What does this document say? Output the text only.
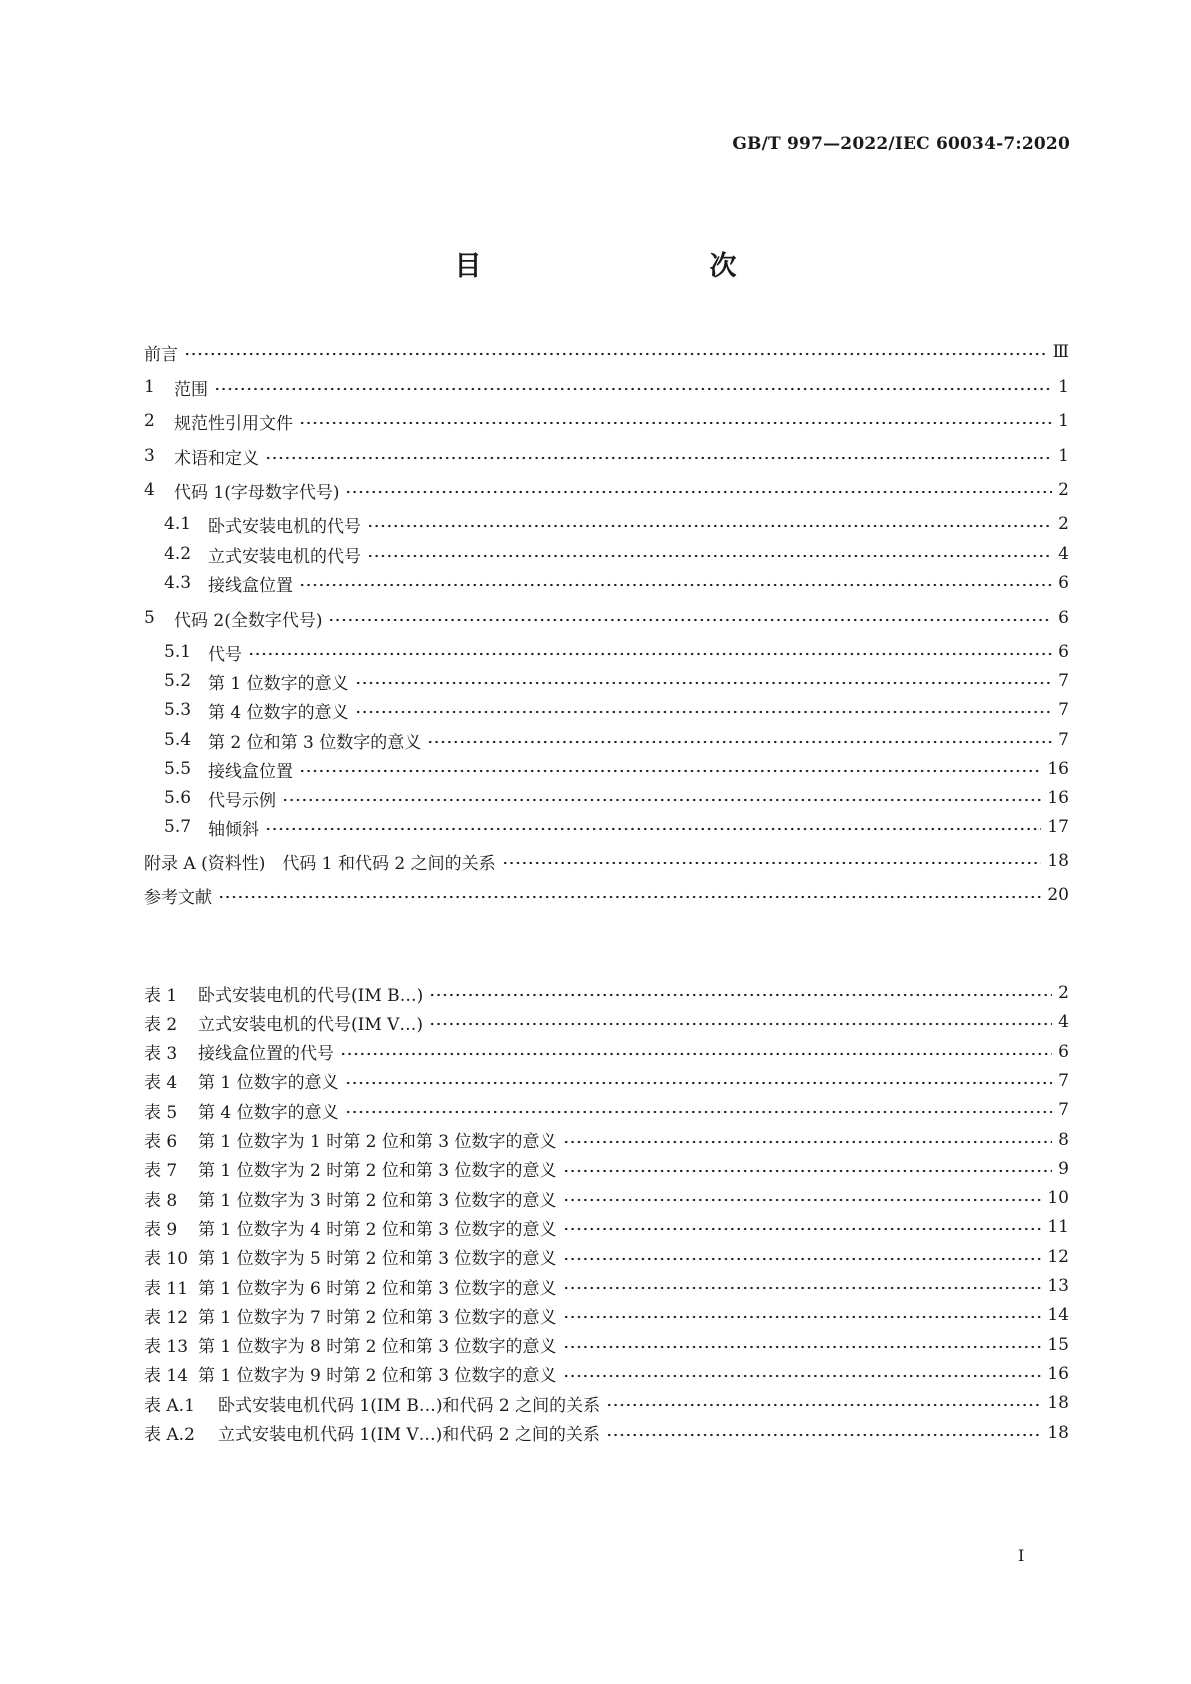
GB/T 997—2022/IEC 60034-7:2020
目　　次
前言	Ⅲ
1	范围	1
2	规范性引用文件	1
3	术语和定义	1
4	代码 1(字母数字代号)	2
4.1 卧式安装电机的代号	2
4.2 立式安装电机的代号	4
4.3 接线盒位置	6
5	代码 2(全数字代号)	6
5.1 代号	6
5.2 第 1 位数字的意义	7
5.3 第 4 位数字的意义	7
5.4 第 2 位和第 3 位数字的意义	7
5.5 接线盒位置	16
5.6 代号示例	16
5.7 轴倾斜	17
附录 A (资料性)　代码 1 和代码 2 之间的关系	18
参考文献	20
表 1	卧式安装电机的代号(IM B…)	2
表 2	立式安装电机的代号(IM V…)	4
表 3	接线盒位置的代号	6
表 4	第 1 位数字的意义	7
表 5	第 4 位数字的意义	7
表 6	第 1 位数字为 1 时第 2 位和第 3 位数字的意义	8
表 7	第 1 位数字为 2 时第 2 位和第 3 位数字的意义	9
表 8	第 1 位数字为 3 时第 2 位和第 3 位数字的意义	10
表 9	第 1 位数字为 4 时第 2 位和第 3 位数字的意义	11
表 10 第 1 位数字为 5 时第 2 位和第 3 位数字的意义	12
表 11 第 1 位数字为 6 时第 2 位和第 3 位数字的意义	13
表 12 第 1 位数字为 7 时第 2 位和第 3 位数字的意义	14
表 13 第 1 位数字为 8 时第 2 位和第 3 位数字的意义	15
表 14 第 1 位数字为 9 时第 2 位和第 3 位数字的意义	16
表 A.1	卧式安装电机代码 1(IM B…)和代码 2 之间的关系	18
表 A.2	立式安装电机代码 1(IM V…)和代码 2 之间的关系	18
I
